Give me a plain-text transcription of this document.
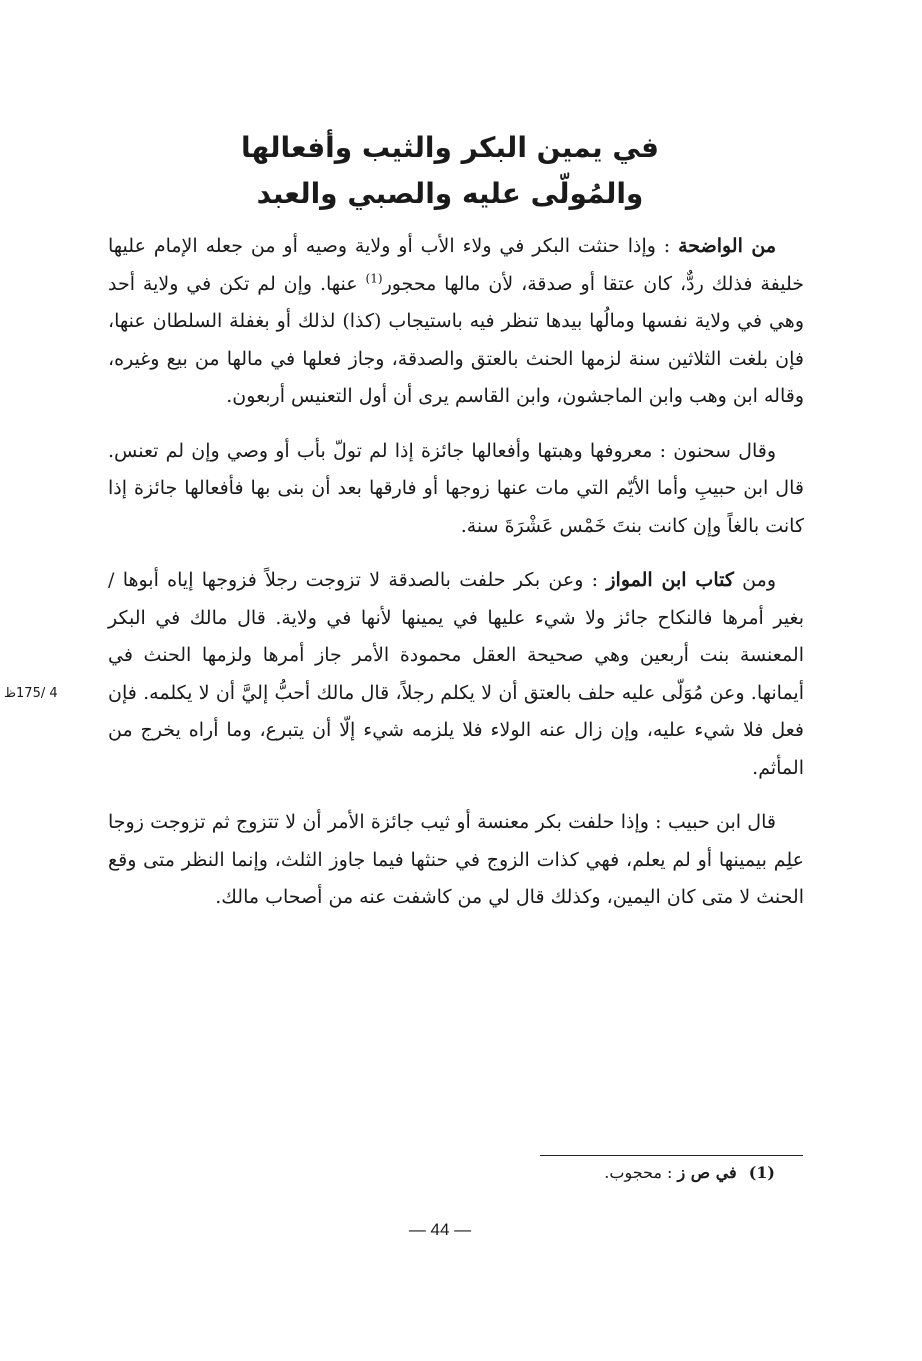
في يمين البكر والثيب وأفعالها
والمُولّى عليه والصبي والعبد

من الواضحة : وإذا حنثت البكر في ولاء الأب أو ولاية وصيه أو من جعله الإمام عليها خليفة فذلك ردٌّ، كان عتقا أو صدقة، لأن مالها محجور$^{(1)}$ عنها. وإن لم تكن في ولاية أحد وهي في ولاية نفسها ومالُها بيدها تنظر فيه باستيجاب (كذا) لذلك أو بغفلة السلطان عنها، فإن بلغت الثلاثين سنة لزمها الحنث بالعتق والصدقة، وجاز فعلها في مالها من بيع وغيره، وقاله ابن وهب وابن الماجشون، وابن القاسم يرى أن أول التعنيس أربعون.

وقال سحنون : معروفها وهبتها وأفعالها جائزة إذا لم تولّ بأب أو وصي وإن لم تعنس. قال ابن حبيبِ وأما الأيّم التي مات عنها زوجها أو فارقها بعد أن بنى بها فأفعالها جائزة إذا كانت بالغاً وإن كانت بنتَ خَمْس عَشْرَةَ سنة.

ومن كتاب ابن المواز : وعن بكر حلفت بالصدقة لا تزوجت رجلاً فزوجها إياه أبوها / بغير أمرها فالنكاح جائز ولا شيء عليها في يمينها لأنها في ولاية. قال مالك في البكر المعنسة بنت أربعين وهي صحيحة العقل محمودة الأمر جاز أمرها ولزمها الحنث في أيمانها. وعن مُوَلّى عليه حلف بالعتق أن لا يكلم رجلاً، قال مالك أحبُّ إليَّ أن لا يكلمه. فإن فعل فلا شيء عليه، وإن زال عنه الولاء فلا يلزمه شيء إلّا أن يتبرع، وما أراه يخرج من المأثم.

قال ابن حبيب : وإذا حلفت بكر معنسة أو ثيب جائزة الأمر أن لا تتزوج ثم تزوجت زوجا علِم بيمينها أو لم يعلم، فهي كذات الزوج في حنثها فيما جاوز الثلث، وإنما النظر متى وقع الحنث لا متى كان اليمين، وكذلك قال لي من كاشفت عنه من أصحاب مالك.

4 /175ظ
(1)في ص ز : محجوب.
— 44 —
